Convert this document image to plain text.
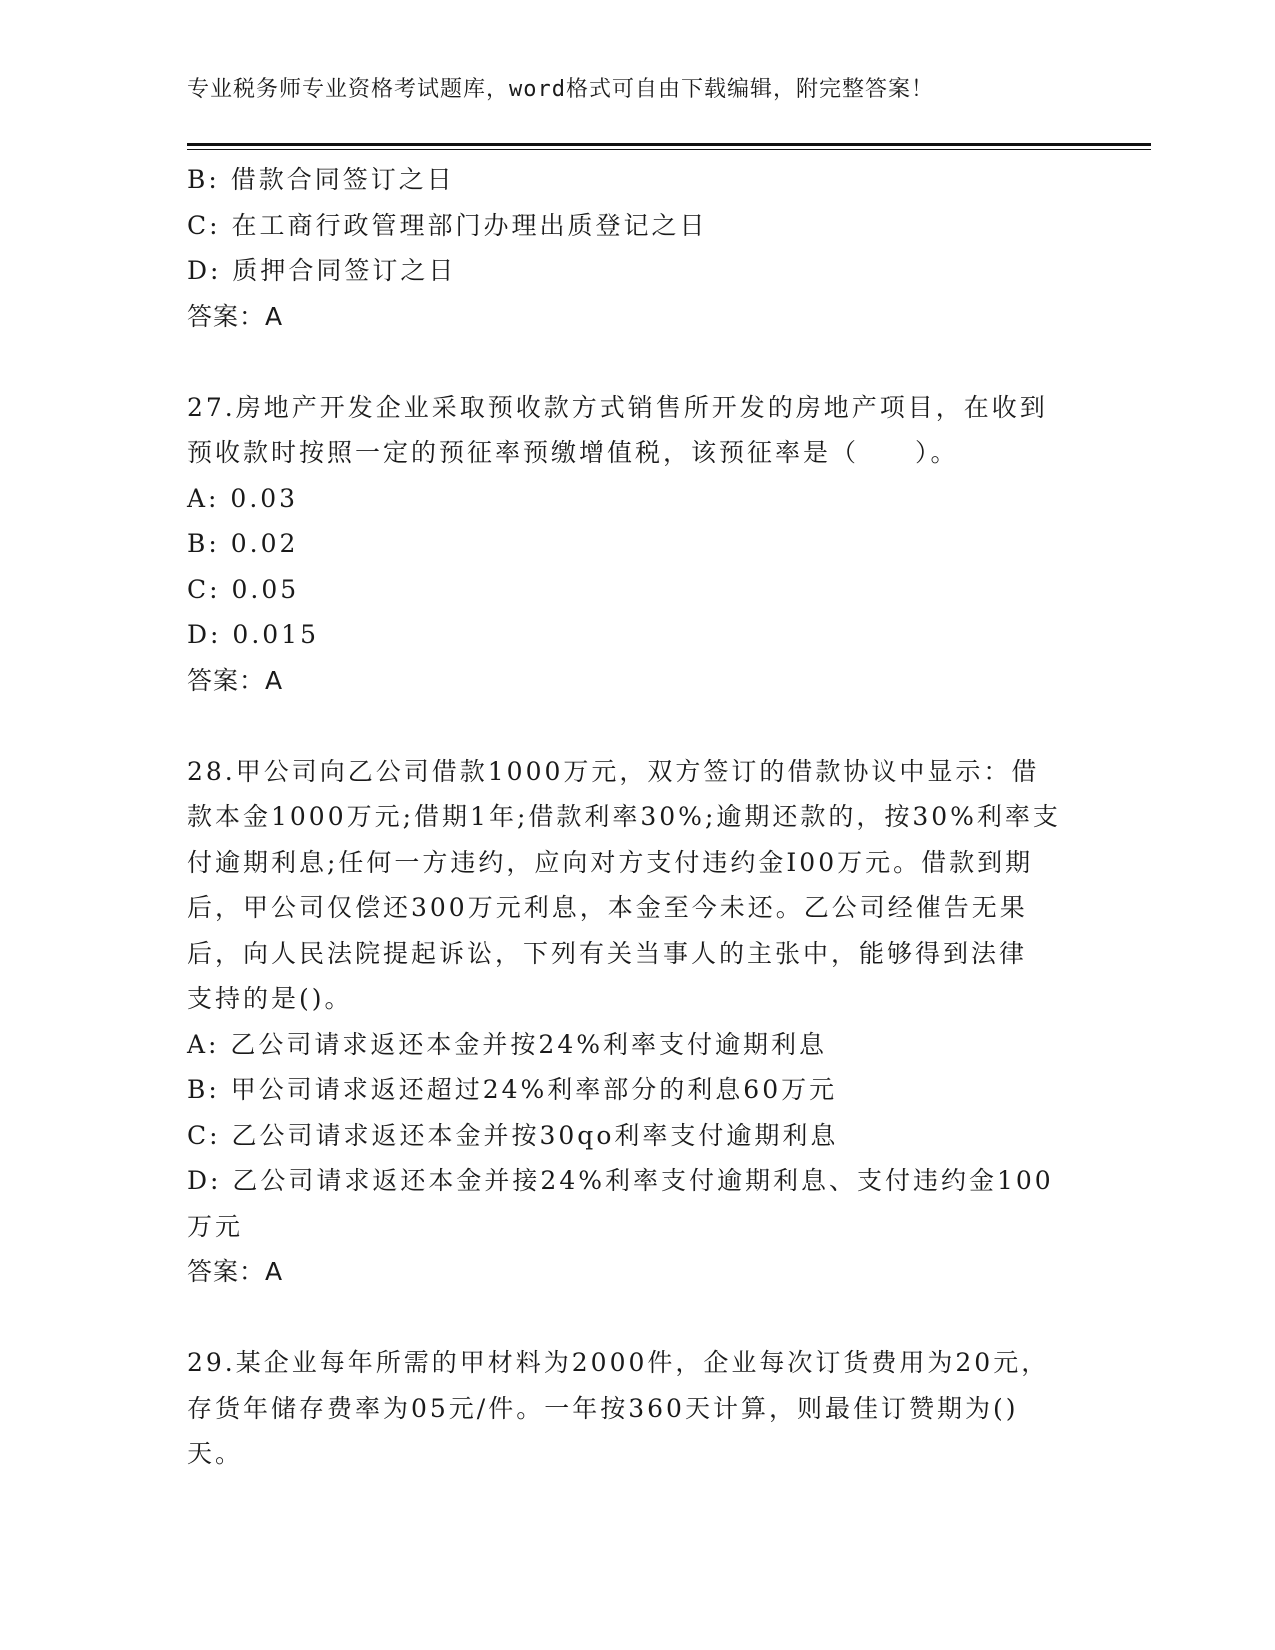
专业税务师专业资格考试题库，word格式可自由下载编辑，附完整答案！
B: 借款合同签订之日
C: 在工商行政管理部门办理出质登记之日
D: 质押合同签订之日
答案：A
27.房地产开发企业采取预收款方式销售所开发的房地产项目，在收到
预收款时按照一定的预征率预缴增值税，该预征率是（　　）。
A: 0.03
B: 0.02
C: 0.05
D: 0.015
答案：A
28.甲公司向乙公司借款1000万元，双方签订的借款协议中显示：借
款本金1000万元;借期1年;借款利率30%;逾期还款的，按30%利率支
付逾期利息;任何一方违约，应向对方支付违约金I00万元。借款到期
后，甲公司仅偿还300万元利息，本金至今未还。乙公司经催告无果
后，向人民法院提起诉讼，下列有关当事人的主张中，能够得到法律
支持的是()。
A: 乙公司请求返还本金并按24%利率支付逾期利息
B: 甲公司请求返还超过24%利率部分的利息60万元
C: 乙公司请求返还本金并按30qo利率支付逾期利息
D: 乙公司请求返还本金并接24%利率支付逾期利息、支付违约金100
万元
答案：A
29.某企业每年所需的甲材料为2000件，企业每次订货费用为20元，
存货年储存费率为05元/件。一年按360天计算，则最佳订赞期为()
天。
